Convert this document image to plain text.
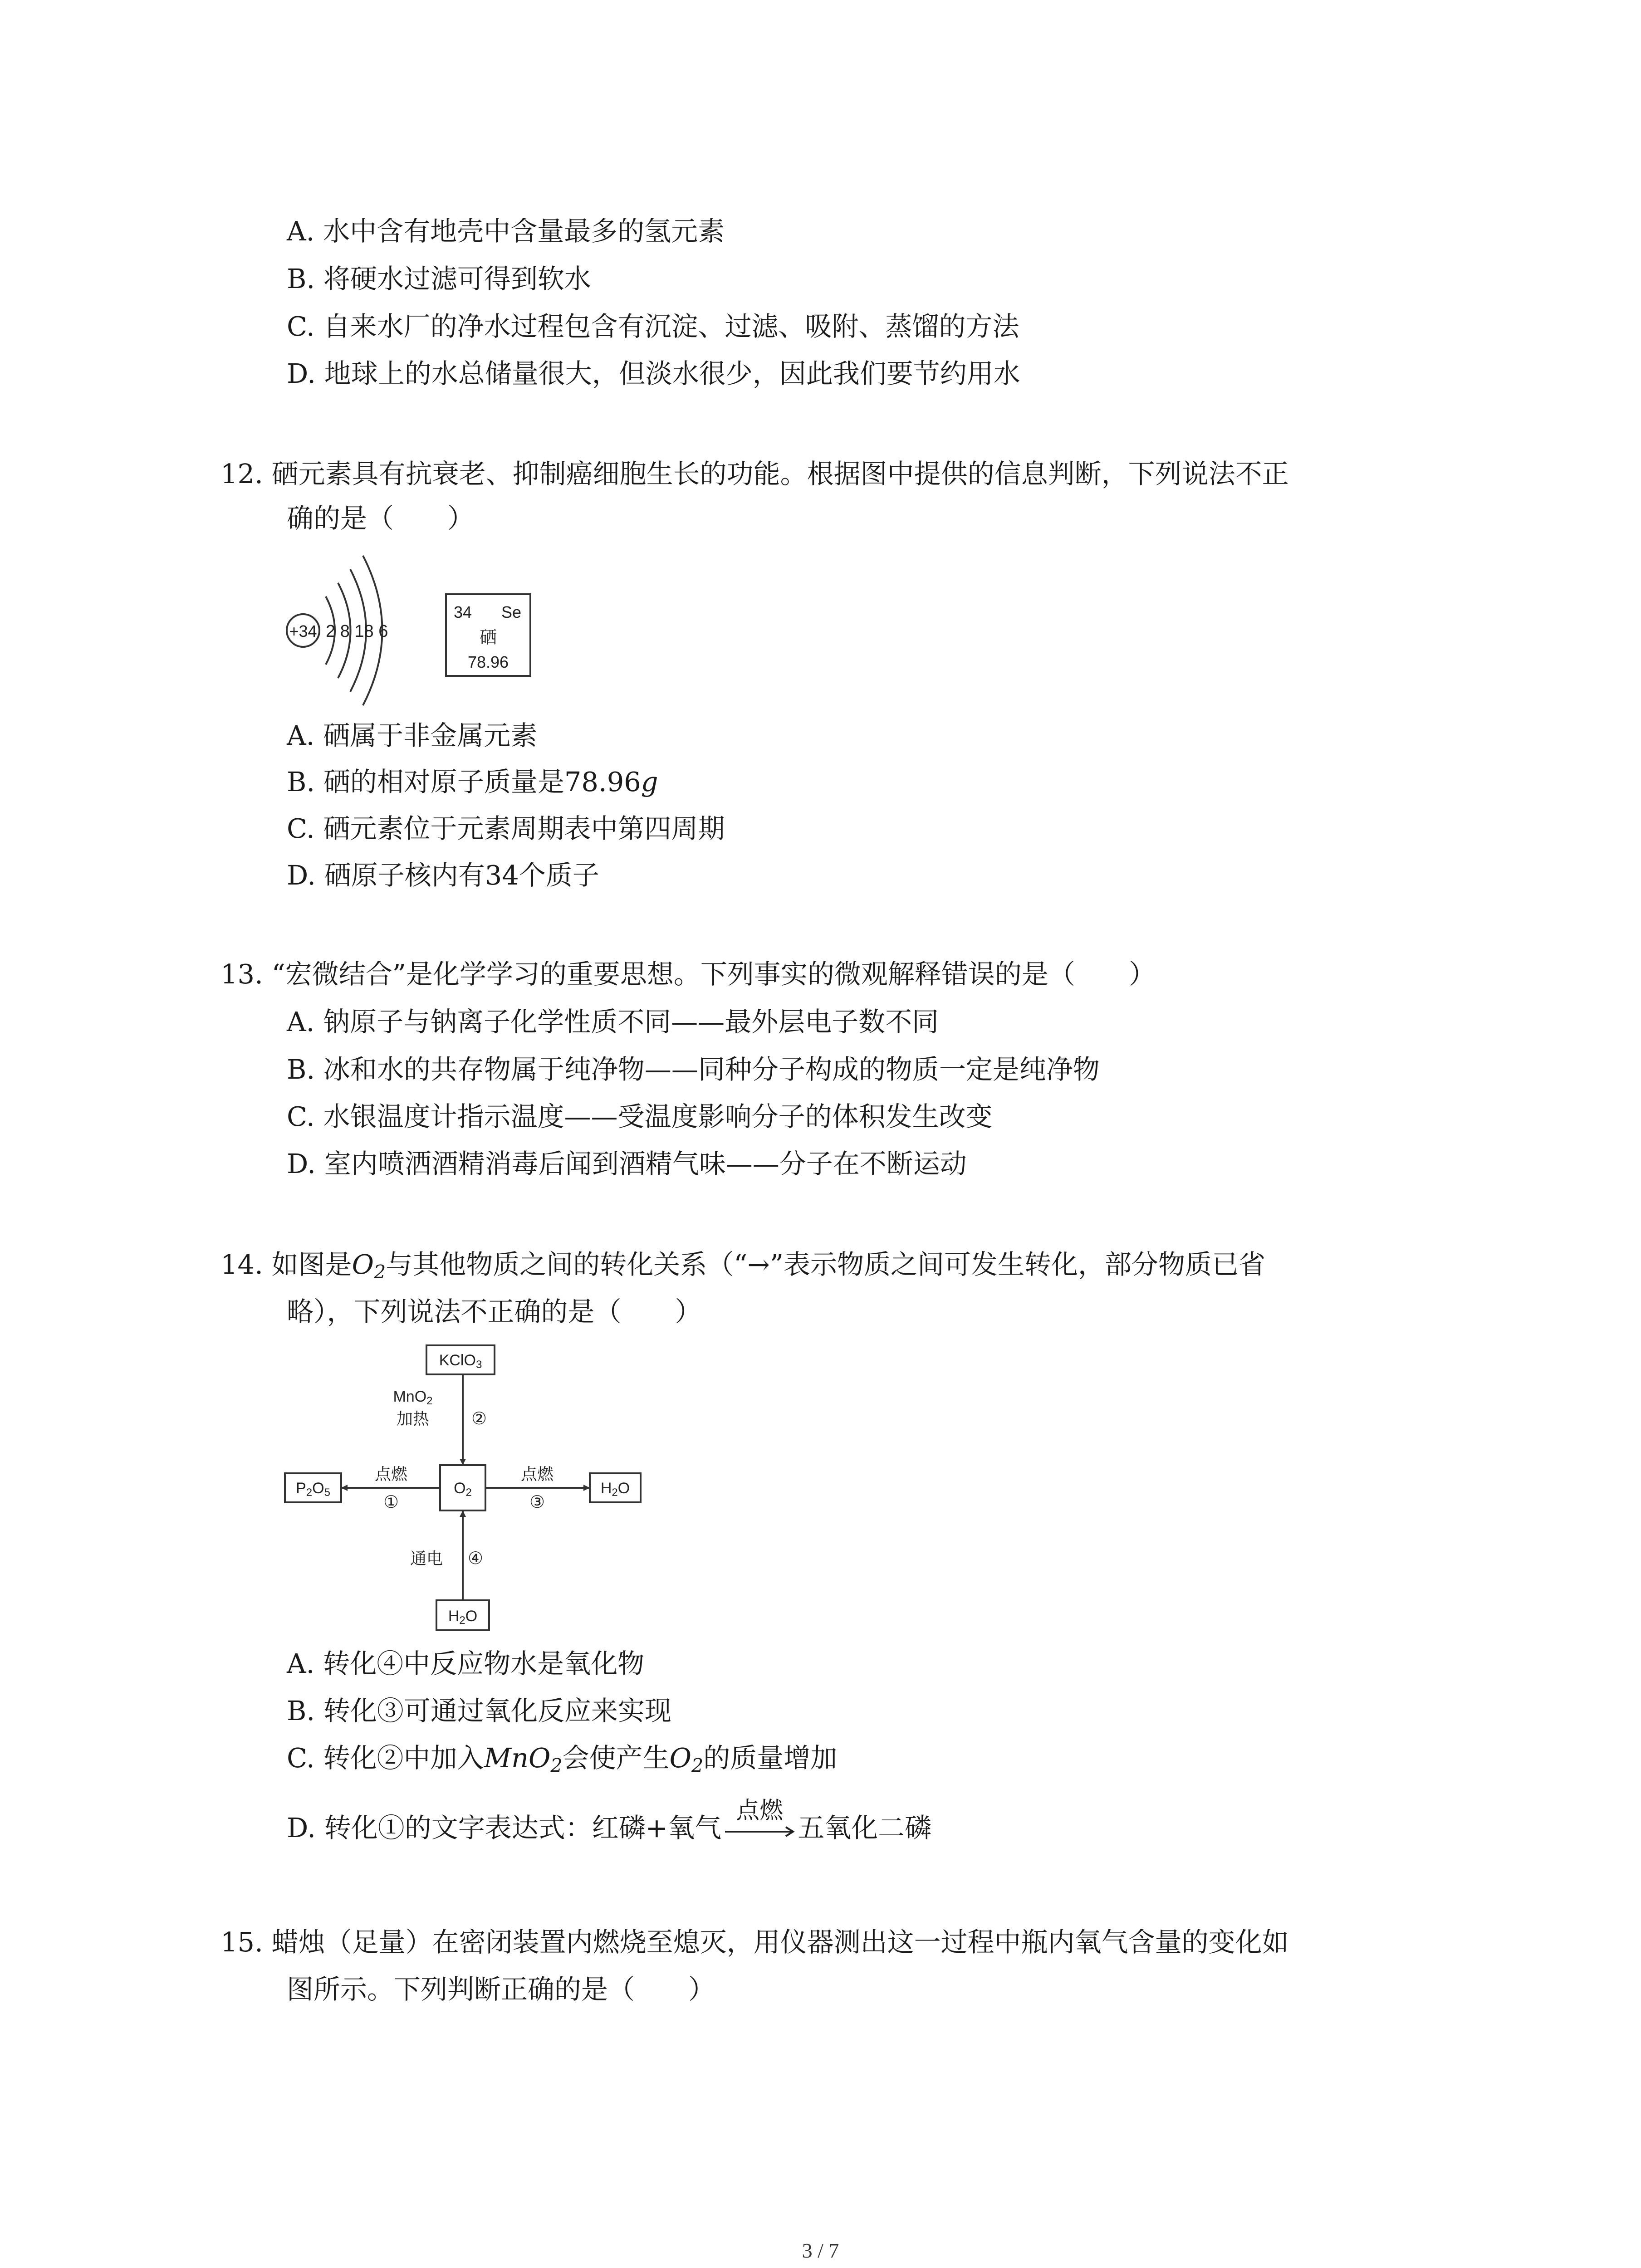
A. 水中含有地壳中含量最多的氢元素
B. 将硬水过滤可得到软水
C. 自来水厂的净水过程包含有沉淀、过滤、吸附、蒸馏的方法
D. 地球上的水总储量很大，但淡水很少，因此我们要节约用水
12. 硒元素具有抗衰老、抑制癌细胞生长的功能。根据图中提供的信息判断，下列说法不正
确的是（　　）
+34 2 8 18 6
34 Se
硒
78.96
A. 硒属于非金属元素
B. 硒的相对原子质量是78.96g
C. 硒元素位于元素周期表中第四周期
D. 硒原子核内有34个质子
13. “宏微结合”是化学学习的重要思想。下列事实的微观解释错误的是（　　）
A. 钠原子与钠离子化学性质不同——最外层电子数不同
B. 冰和水的共存物属于纯净物——同种分子构成的物质一定是纯净物
C. 水银温度计指示温度——受温度影响分子的体积发生改变
D. 室内喷洒酒精消毒后闻到酒精气味——分子在不断运动
14. 如图是$O_2$与其他物质之间的转化关系（“→”表示物质之间可发生转化，部分物质已省
略），下列说法不正确的是（　　）
KClO3
O2
P2O5	H2O
H2O
MnO2
加热 ②
点燃
①
点燃
③
通电 ④
A. 转化④中反应物水是氧化物
B. 转化③可通过氧化反应来实现
C. 转化②中加入MnO$_2$会使产生$O_2$的质量增加
D. 转化①的文字表达式：红磷+氧气
点燃
五氧化二磷
15. 蜡烛（足量）在密闭装置内燃烧至熄灭，用仪器测出这一过程中瓶内氧气含量的变化如
图所示。下列判断正确的是（　　）
3 / 7
